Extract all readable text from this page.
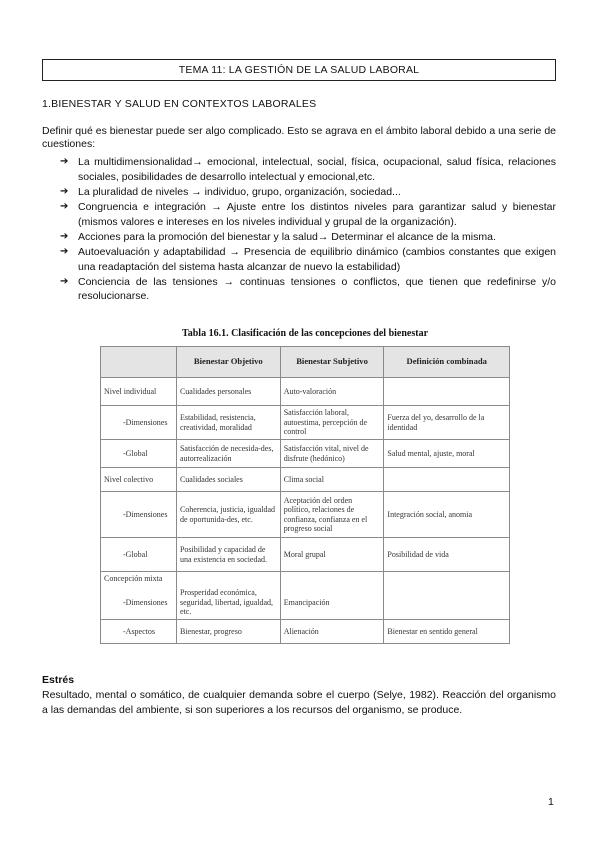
TEMA 11: LA GESTIÓN DE LA SALUD LABORAL
1.BIENESTAR Y SALUD EN CONTEXTOS LABORALES
Definir qué es bienestar puede ser algo complicado. Esto se agrava en el ámbito laboral debido a una serie de cuestiones:
➔ La multidimensionalidad→ emocional, intelectual, social, física, ocupacional, salud física, relaciones sociales, posibilidades de desarrollo intelectual y emocional,etc.
➔ La pluralidad de niveles → individuo, grupo, organización, sociedad...
➔ Congruencia e integración → Ajuste entre los distintos niveles para garantizar salud y bienestar (mismos valores e intereses en los niveles individual y grupal de la organización).
➔ Acciones para la promoción del bienestar y la salud→ Determinar el alcance de la misma.
➔ Autoevaluación y adaptabilidad → Presencia de equilibrio dinámico (cambios constantes que exigen una readaptación del sistema hasta alcanzar de nuevo la estabilidad)
➔ Conciencia de las tensiones → continuas tensiones o conflictos, que tienen que redefinirse y/o resolucionarse.
Tabla 16.1. Clasificación de las concepciones del bienestar
	Bienestar Objetivo	Bienestar Subjetivo	Definición combinada
Nivel individual	Cualidades personales	Auto-valoración	
-Dimensiones	Estabilidad, resistencia, creatividad, moralidad	Satisfacción laboral, autoestima, percepción de control	Fuerza del yo, desarrollo de la identidad
-Global	Satisfacción de necesida-des, autorrealización	Satisfacción vital, nivel de disfrute (hedónico)	Salud mental, ajuste, moral
Nivel colectivo	Cualidades sociales	Clima social	
-Dimensiones	Coherencia, justicia, igualdad de oportunida-des, etc.	Aceptación del orden político, relaciones de confianza, confianza en el progreso social	Integración social, anomia
-Global	Posibilidad y capacidad de una existencia en sociedad.	Moral grupal	Posibilidad de vida
Concepción mixta			
-Dimensiones	Prosperidad económica, seguridad, libertad, igualdad, etc.	Emancipación	
-Aspectos	Bienestar, progreso	Alienación	Bienestar en sentido general
Estrés
Resultado, mental o somático, de cualquier demanda sobre el cuerpo (Selye, 1982). Reacción del organismo a las demandas del ambiente, si son superiores a los recursos del organismo, se produce.
1
